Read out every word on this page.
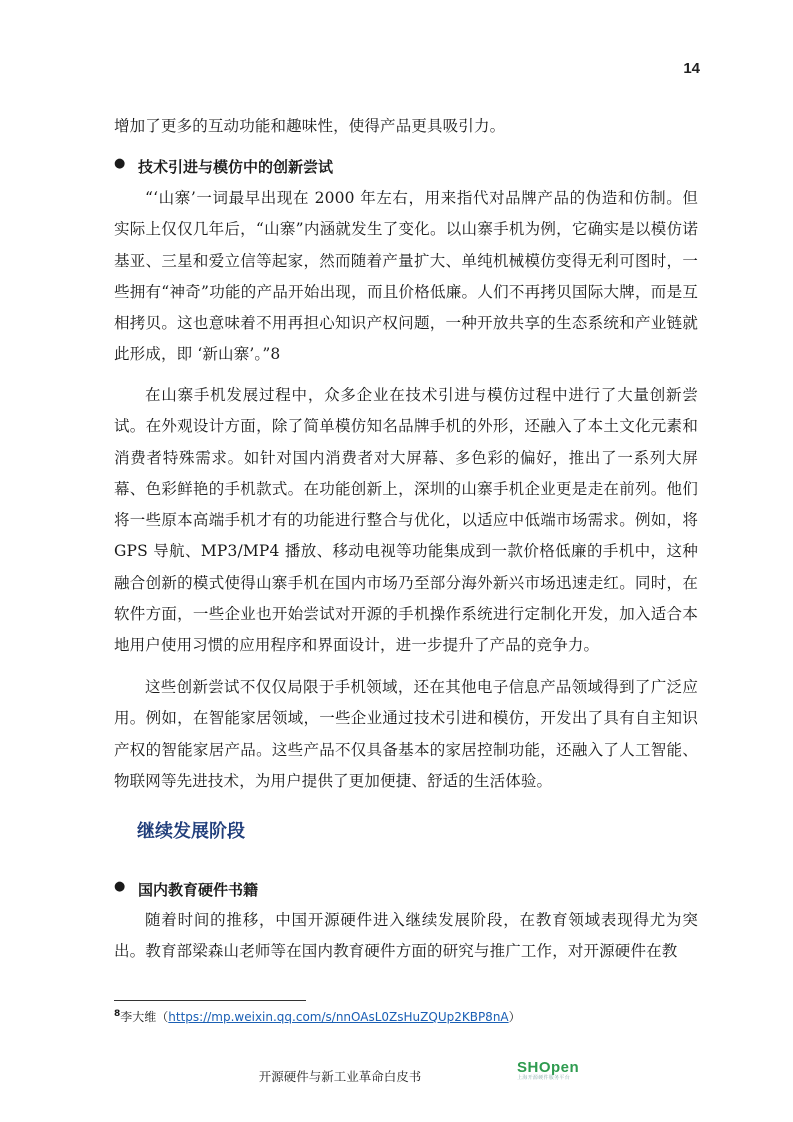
14
增加了更多的互动功能和趣味性，使得产品更具吸引力。
● 技术引进与模仿中的创新尝试
“‘山寨’一词最早出现在 2000 年左右，用来指代对品牌产品的伪造和仿制。但实际上仅仅几年后，“山寨”内涵就发生了变化。以山寨手机为例，它确实是以模仿诺基亚、三星和爱立信等起家，然而随着产量扩大、单纯机械模仿变得无利可图时，一些拥有“神奇”功能的产品开始出现，而且价格低廉。人们不再拷贝国际大牌，而是互相拷贝。这也意味着不用再担心知识产权问题，一种开放共享的生态系统和产业链就此形成，即 ‘新山寨’。”8
在山寨手机发展过程中，众多企业在技术引进与模仿过程中进行了大量创新尝试。在外观设计方面，除了简单模仿知名品牌手机的外形，还融入了本土文化元素和消费者特殊需求。如针对国内消费者对大屏幕、多色彩的偏好，推出了一系列大屏幕、色彩鲜艳的手机款式。在功能创新上，深圳的山寨手机企业更是走在前列。他们将一些原本高端手机才有的功能进行整合与优化，以适应中低端市场需求。例如，将 GPS 导航、MP3/MP4 播放、移动电视等功能集成到一款价格低廉的手机中，这种融合创新的模式使得山寨手机在国内市场乃至部分海外新兴市场迅速走红。同时，在软件方面，一些企业也开始尝试对开源的手机操作系统进行定制化开发，加入适合本地用户使用习惯的应用程序和界面设计，进一步提升了产品的竞争力。
这些创新尝试不仅仅局限于手机领域，还在其他电子信息产品领域得到了广泛应用。例如，在智能家居领域，一些企业通过技术引进和模仿，开发出了具有自主知识产权的智能家居产品。这些产品不仅具备基本的家居控制功能，还融入了人工智能、物联网等先进技术，为用户提供了更加便捷、舒适的生活体验。
继续发展阶段
● 国内教育硬件书籍
随着时间的推移，中国开源硬件进入继续发展阶段，在教育领域表现得尤为突出。教育部梁森山老师等在国内教育硬件方面的研究与推广工作，对开源硬件在教
$^8$李大维（https://mp.weixin.qq.com/s/nnOAsL0ZsHuZQUp2KBP8nA）
开源硬件与新工业革命白皮书
SHOpen
上海开源硬件服务平台
